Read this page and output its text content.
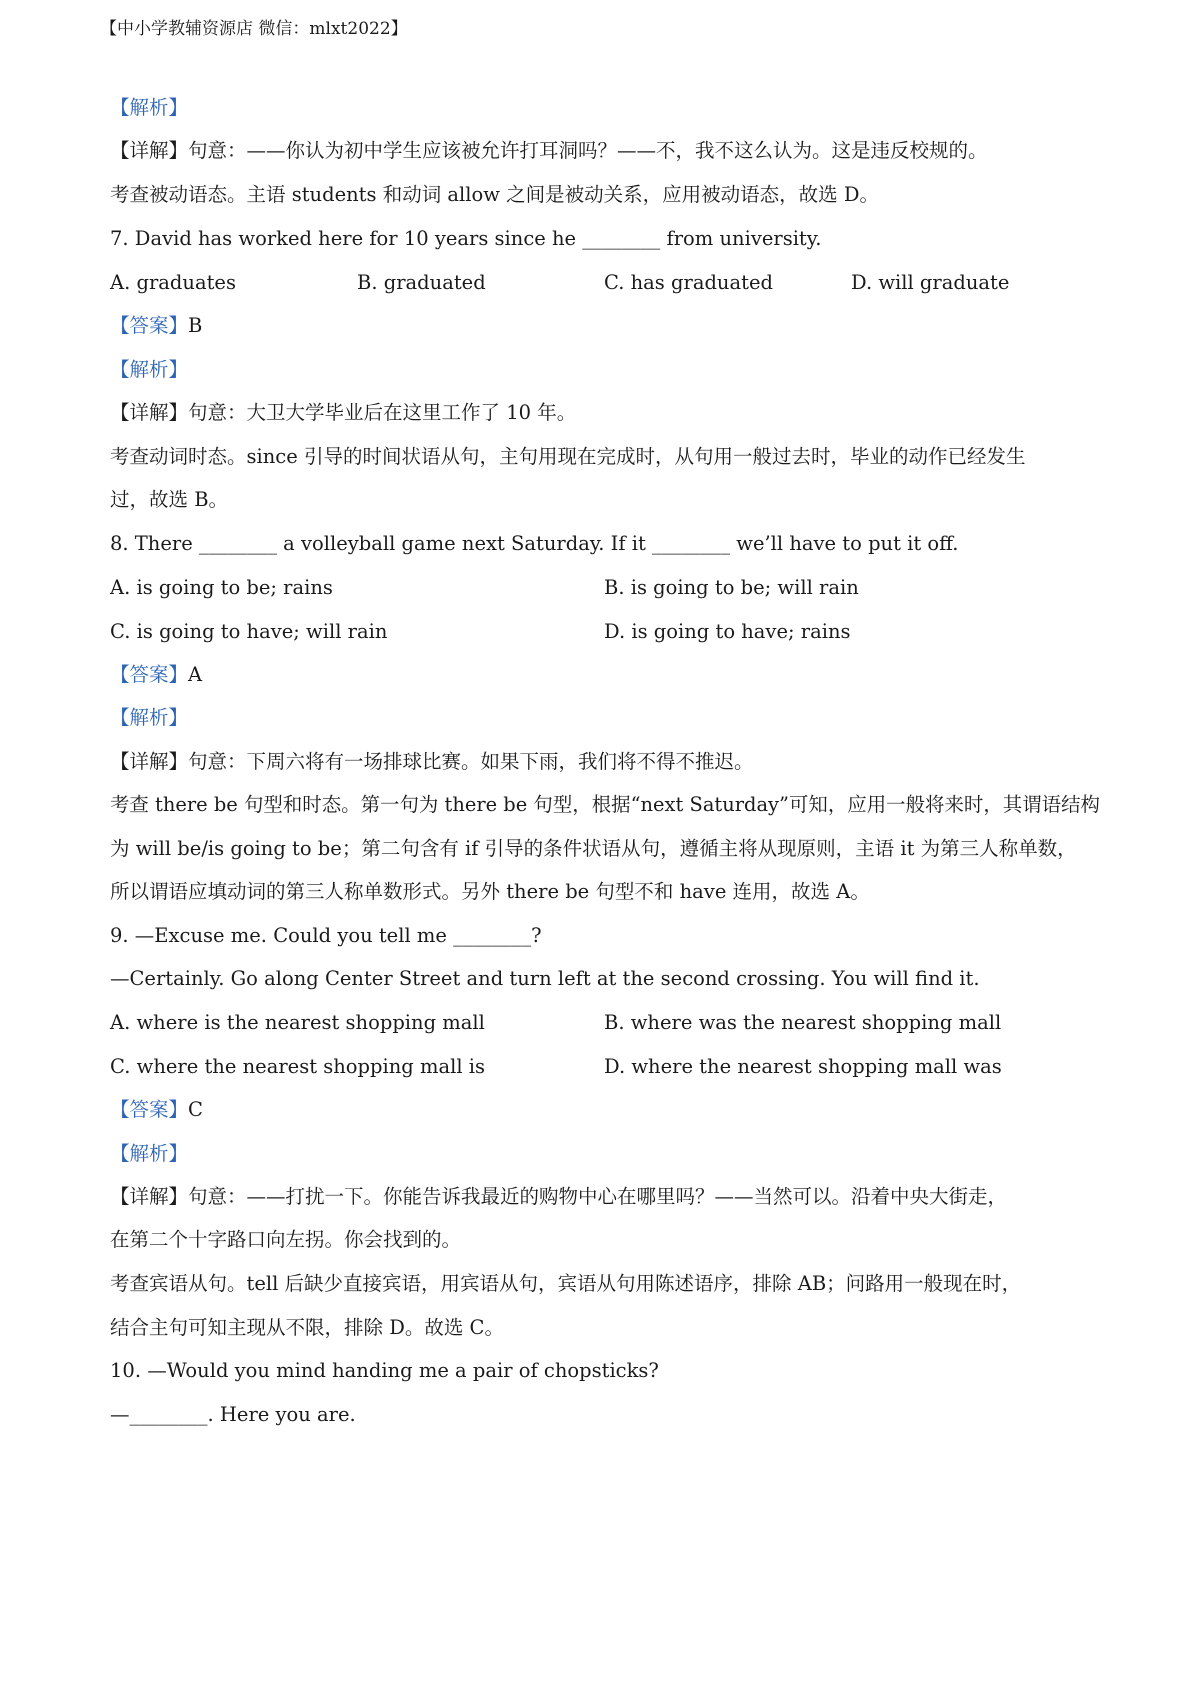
【中小学教辅资源店 微信：mlxt2022】
【解析】
【详解】句意：——你认为初中学生应该被允许打耳洞吗？——不，我不这么认为。这是违反校规的。
考查被动语态。主语 students 和动词 allow 之间是被动关系，应用被动语态，故选 D。
7. David has worked here for 10 years since he ________ from university.
A. graduates	B. graduated	C. has graduated	D. will graduate
【答案】B
【解析】
【详解】句意：大卫大学毕业后在这里工作了 10 年。
考查动词时态。since 引导的时间状语从句，主句用现在完成时，从句用一般过去时，毕业的动作已经发生
过，故选 B。
8. There ________ a volleyball game next Saturday. If it ________ we’ll have to put it off.
A. is going to be; rains	B. is going to be; will rain
C. is going to have; will rain	D. is going to have; rains
【答案】A
【解析】
【详解】句意：下周六将有一场排球比赛。如果下雨，我们将不得不推迟。
考查 there be 句型和时态。第一句为 there be 句型，根据“next Saturday”可知，应用一般将来时，其谓语结构
为 will be/is going to be；第二句含有 if 引导的条件状语从句，遵循主将从现原则，主语 it 为第三人称单数，
所以谓语应填动词的第三人称单数形式。另外 there be 句型不和 have 连用，故选 A。
9. —Excuse me. Could you tell me ________?
—Certainly. Go along Center Street and turn left at the second crossing. You will find it.
A. where is the nearest shopping mall	B. where was the nearest shopping mall
C. where the nearest shopping mall is	D. where the nearest shopping mall was
【答案】C
【解析】
【详解】句意：——打扰一下。你能告诉我最近的购物中心在哪里吗？——当然可以。沿着中央大街走，
在第二个十字路口向左拐。你会找到的。
考查宾语从句。tell 后缺少直接宾语，用宾语从句，宾语从句用陈述语序，排除 AB；问路用一般现在时，
结合主句可知主现从不限，排除 D。故选 C。
10. —Would you mind handing me a pair of chopsticks?
—________. Here you are.
